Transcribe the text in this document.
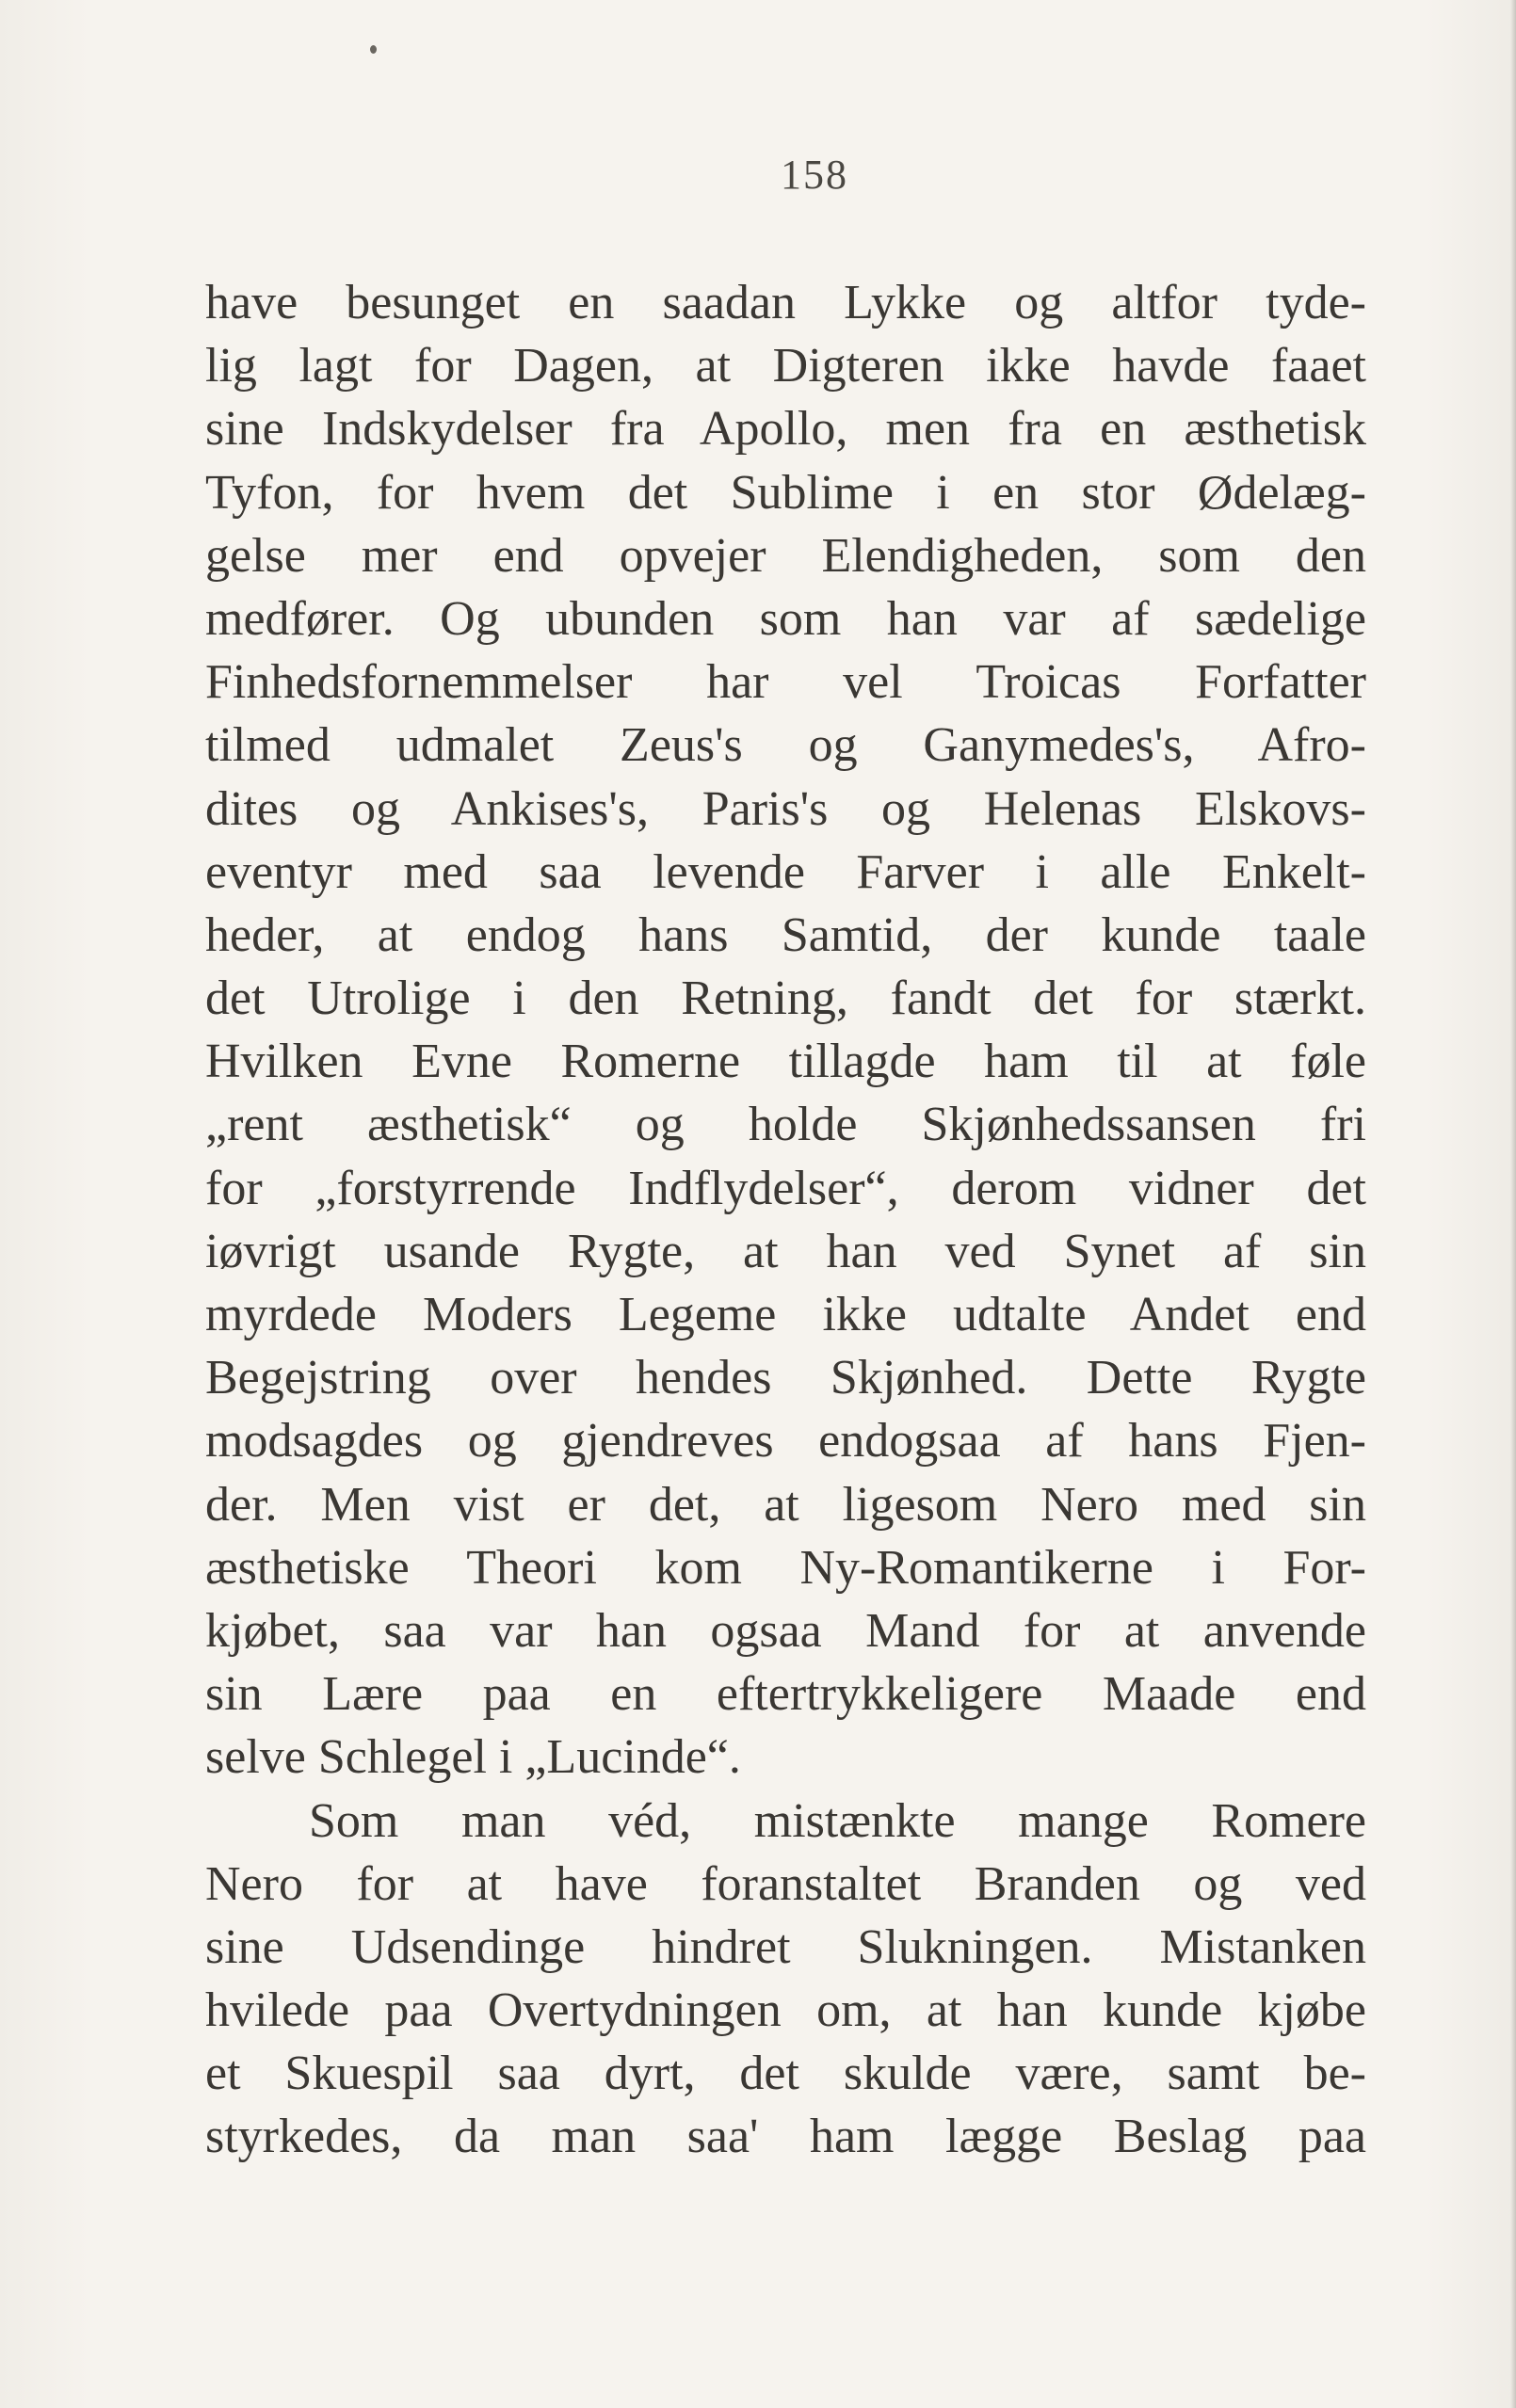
158
have besunget en saadan Lykke og altfor tyde-
lig lagt for Dagen, at Digteren ikke havde faaet
sine Indskydelser fra Apollo, men fra en æsthetisk
Tyfon, for hvem det Sublime i en stor Ødelæg-
gelse mer end opvejer Elendigheden, som den
medfører. Og ubunden som han var af sædelige
Finhedsfornemmelser har vel Troicas Forfatter
tilmed udmalet Zeus's og Ganymedes's, Afro-
dites og Ankises's, Paris's og Helenas Elskovs-
eventyr med saa levende Farver i alle Enkelt-
heder, at endog hans Samtid, der kunde taale
det Utrolige i den Retning, fandt det for stærkt.
Hvilken Evne Romerne tillagde ham til at føle
„rent æsthetisk“ og holde Skjønhedssansen fri
for „forstyrrende Indflydelser“, derom vidner det
iøvrigt usande Rygte, at han ved Synet af sin
myrdede Moders Legeme ikke udtalte Andet end
Begejstring over hendes Skjønhed. Dette Rygte
modsagdes og gjendreves endogsaa af hans Fjen-
der. Men vist er det, at ligesom Nero med sin
æsthetiske Theori kom Ny-Romantikerne i For-
kjøbet, saa var han ogsaa Mand for at anvende
sin Lære paa en eftertrykkeligere Maade end
selve Schlegel i „Lucinde“.
Som man véd, mistænkte mange Romere
Nero for at have foranstaltet Branden og ved
sine Udsendinge hindret Slukningen. Mistanken
hvilede paa Overtydningen om, at han kunde kjøbe
et Skuespil saa dyrt, det skulde være, samt be-
styrkedes, da man saa' ham lægge Beslag paa
